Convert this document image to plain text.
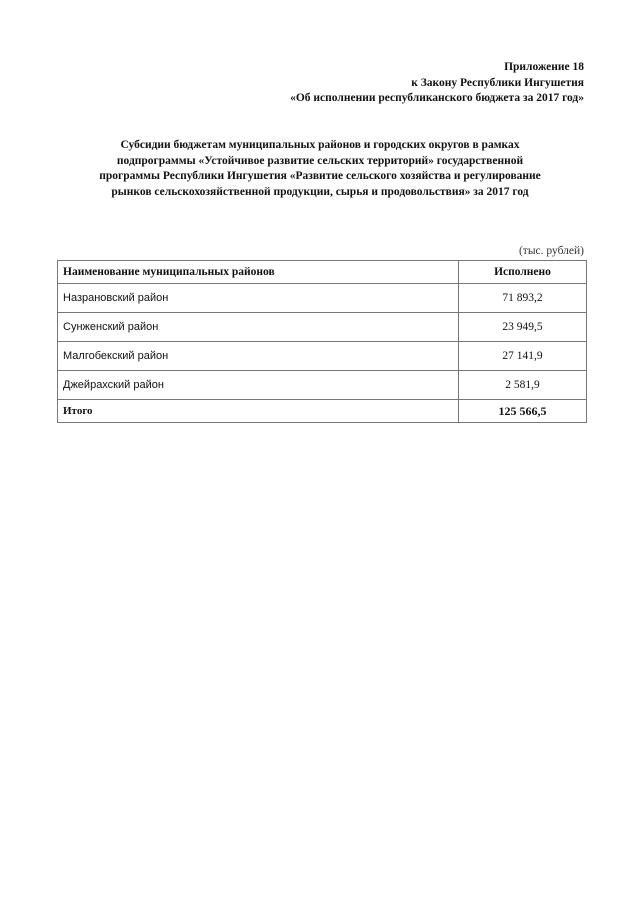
Приложение 18
к Закону Республики Ингушетия
«Об исполнении республиканского бюджета за 2017 год»
Субсидии бюджетам муниципальных районов и городских округов в рамках
подпрограммы «Устойчивое развитие сельских территорий» государственной
программы Республики Ингушетия «Развитие сельского хозяйства и регулирование
рынков сельскохозяйственной продукции, сырья и продовольствия» за 2017 год
(тыс. рублей)
Наименование муниципальных районов	Исполнено
Назрановский район	71 893,2
Сунженский район	23 949,5
Малгобекский район	27 141,9
Джейрахский район	2 581,9
Итого	125 566,5
